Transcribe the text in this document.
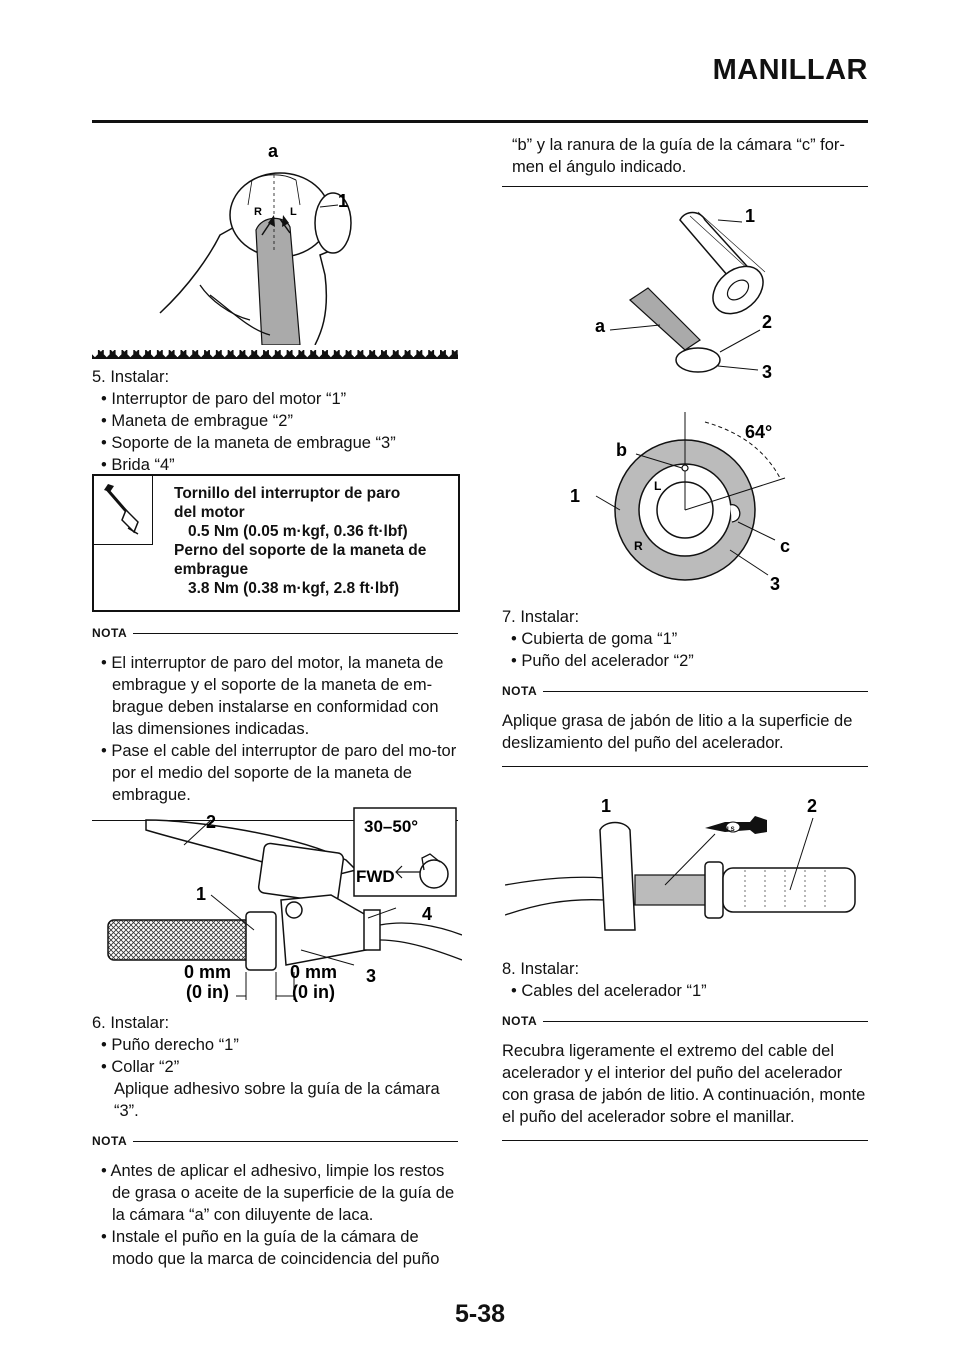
MANILLAR
a
1
R	L

5. Instalar:

• Interruptor de paro del motor “1”

• Maneta de embrague “2”

• Soporte de la maneta de embrague “3”

• Brida “4”

Tornillo del interruptor de paro
del motor
0.5 Nm (0.05 m·kgf, 0.36 ft·lbf)
Perno del soporte de la maneta de
embrague
3.8 Nm (0.38 m·kgf, 2.8 ft·lbf)
NOTA

• El interruptor de paro del motor, la maneta de embrague y el soporte de la maneta de em-brague deben instalarse en conformidad con las dimensiones indicadas.

• Pase el cable del interruptor de paro del mo-tor por el medio del soporte de la maneta de embrague.

2
1
4
3
0 mm
(0 in)
0 mm
(0 in)
30–50°
FWD

6. Instalar:

• Puño derecho “1”

• Collar “2”

Aplique adhesivo sobre la guía de la cámara “3”.

NOTA

• Antes de aplicar el adhesivo, limpie los restos de grasa o aceite de la superficie de la guía de la cámara “a” con diluyente de laca.

• Instale el puño en la guía de la cámara de modo que la marca de coincidencia del puño

“b” y la ranura de la guía de la cámara “c” for-men el ángulo indicado.

1
a	2
3
b
64°
1
c
3
R
L

7. Instalar:

• Cubierta de goma “1”

• Puño del acelerador “2”

NOTA

Aplique grasa de jabón de litio a la superficie de deslizamiento del puño del acelerador.

1	2
LS

8. Instalar:

• Cables del acelerador “1”

NOTA

Recubra ligeramente el extremo del cable del acelerador y el interior del puño del acelerador con grasa de jabón de litio. A continuación, monte el puño del acelerador sobre el manillar.

5-38
